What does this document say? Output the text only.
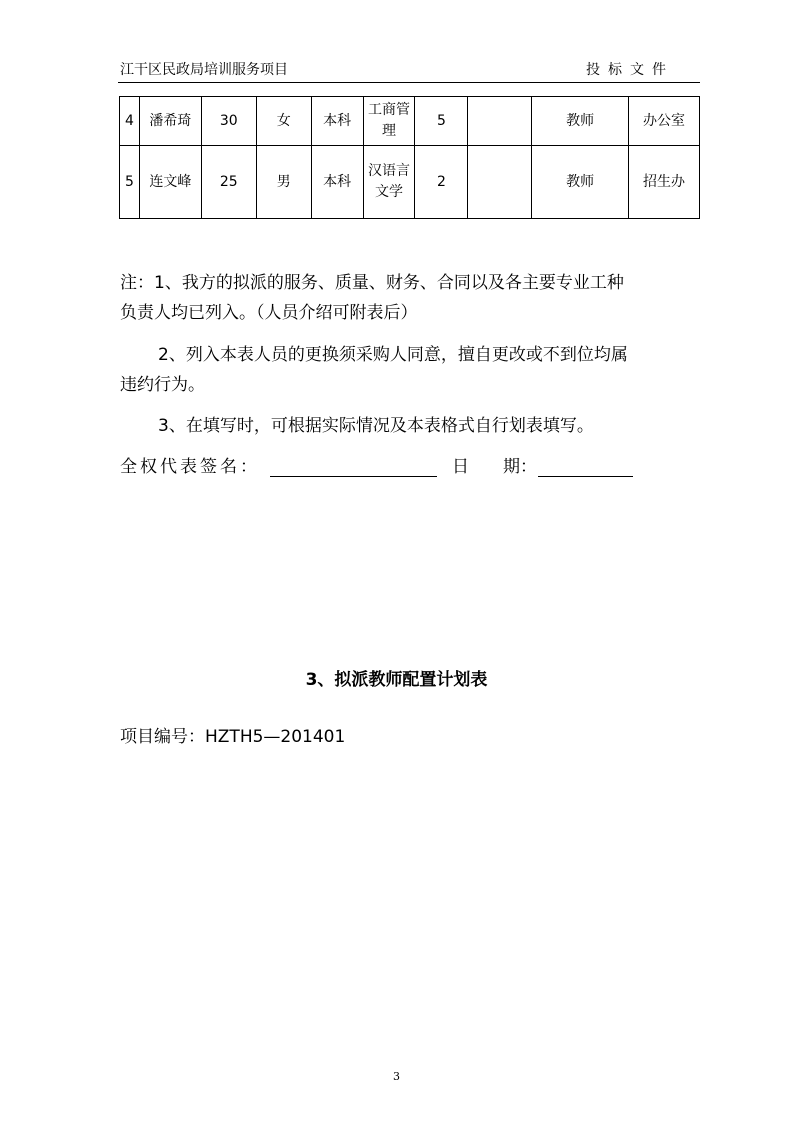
江干区民政局培训服务项目	投标文件
4	潘希琦	30	女	本科	工商管理	5		教师	办公室
5	连文峰	25	男	本科	汉语言文学	2		教师	招生办
注：1、我方的拟派的服务、质量、财务、合同以及各主要专业工种
负责人均已列入。（人员介绍可附表后）
2、列入本表人员的更换须采购人同意，擅自更改或不到位均属
违约行为。
3、在填写时，可根据实际情况及本表格式自行划表填写。
全权代表签名：	日　　期：
3、拟派教师配置计划表
项目编号：HZTH5—201401
3
